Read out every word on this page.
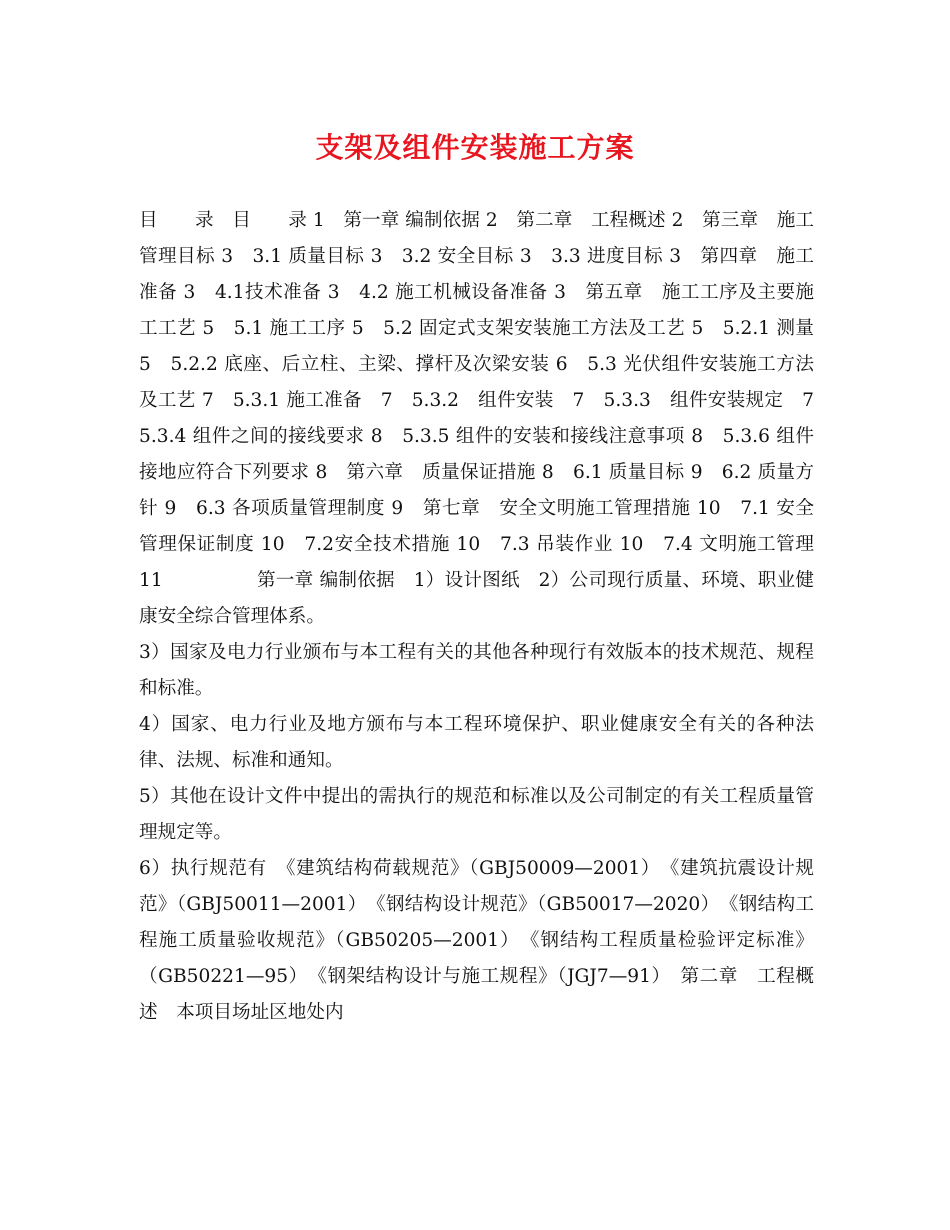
支架及组件安装施工方案

目　　录　目　　录 1　第一章 编制依据 2　第二章　工程概述 2　第三章　施工管理目标 3　3.1 质量目标 3　3.2 安全目标 3　3.3 进度目标 3　第四章　施工准备 3　4.1技术准备 3　4.2 施工机械设备准备 3　第五章　施工工序及主要施工工艺 5　5.1 施工工序 5　5.2 固定式支架安装施工方法及工艺 5　5.2.1 测量 5　5.2.2 底座、后立柱、主梁、撑杆及次梁安装 6　5.3 光伏组件安装施工方法及工艺 7　5.3.1 施工准备　7　5.3.2　组件安装　7　5.3.3　组件安装规定　7　5.3.4 组件之间的接线要求 8　5.3.5 组件的安装和接线注意事项 8　5.3.6 组件接地应符合下列要求 8　第六章　质量保证措施 8　6.1 质量目标 9　6.2 质量方针 9　6.3 各项质量管理制度 9　第七章　安全文明施工管理措施 10　7.1 安全管理保证制度 10　7.2安全技术措施 10　7.3 吊装作业 10　7.4 文明施工管理 11　　　　　第一章 编制依据　1）设计图纸　2）公司现行质量、环境、职业健康安全综合管理体系。

3）国家及电力行业颁布与本工程有关的其他各种现行有效版本的技术规范、规程和标准。

4）国家、电力行业及地方颁布与本工程环境保护、职业健康安全有关的各种法律、法规、标准和通知。

5）其他在设计文件中提出的需执行的规范和标准以及公司制定的有关工程质量管理规定等。

6）执行规范有　《建筑结构荷载规范》（GBJ50009—2001）　《建筑抗震设计规范》（GBJ50011—2001）　《钢结构设计规范》（GB50017—2020）　《钢结构工程施工质量验收规范》（GB50205—2001）　《钢结构工程质量检验评定标准》（GB50221—95）　《钢架结构设计与施工规程》（JGJ7—91）　第二章　工程概述　本项目场址区地处内
